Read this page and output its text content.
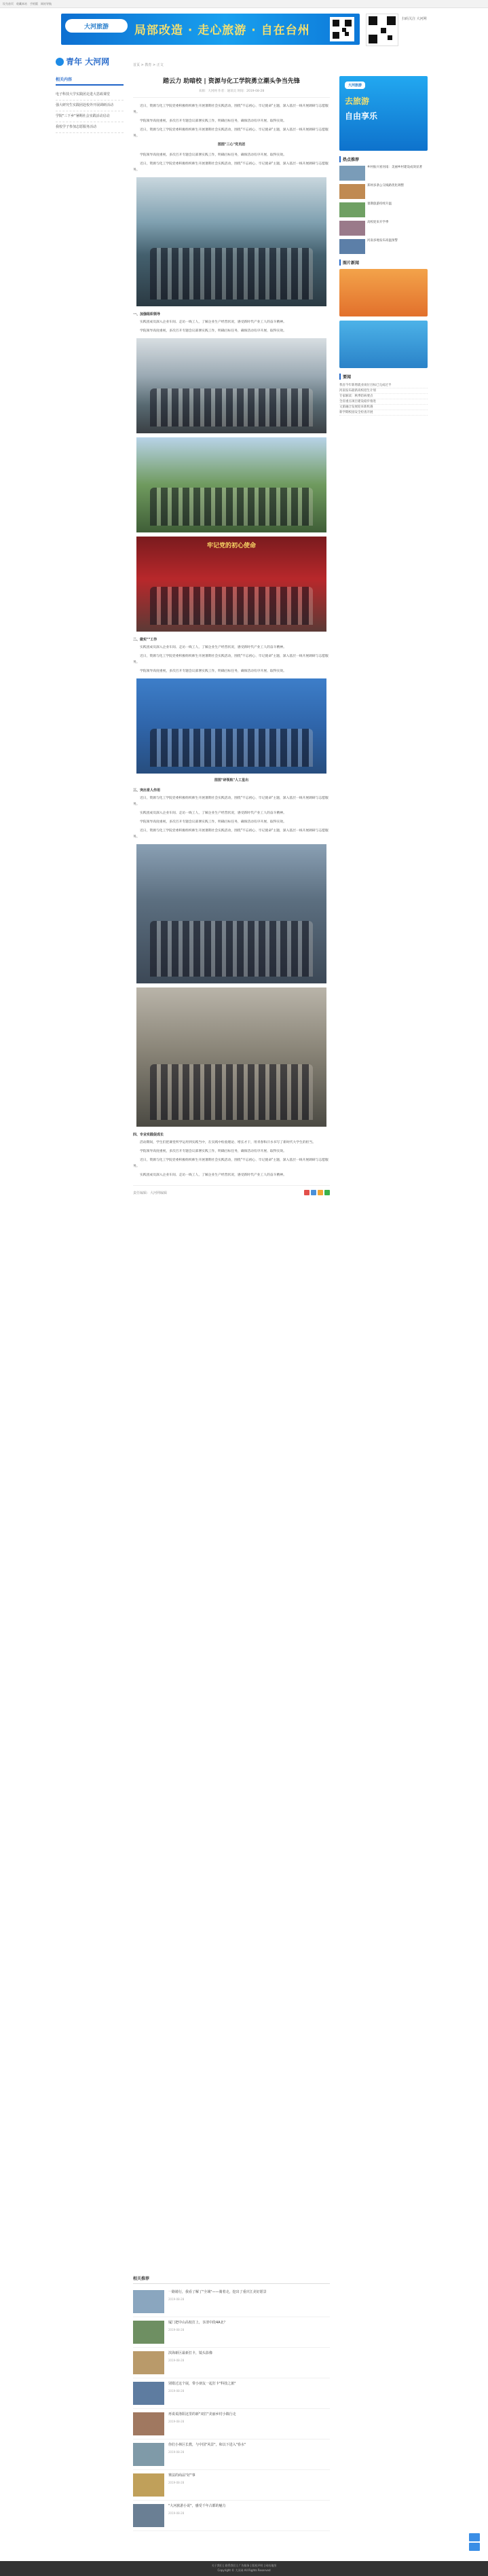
设为首页 收藏本站 手机版 网站导航
大河旅游	局部改造 · 走心旅游 · 自在台州
扫码关注 大河网
青年 大河网	首页 > 教育 > 正文
相关内容
电子科技大学实践团走进大思政课堂
强大研究生实践团赴校外开展调研活动
学院"三下乡"暑期社会实践活动启动
我校学子参加志愿服务活动
踏云力 助暗校 | 资源与化工学院勇立潮头争当先锋
来源：大河网 作者：通讯员 时间：2019-08-28

近日，资源与化工学院党委积极组织师生开展暑期社会实践活动，围绕"不忘初心、牢记使命"主题，深入基层一线开展调研与志愿服务。

学院领导高度重视，多次召开专题会议部署实践工作，明确目标任务，确保活动有序开展、取得实效。

近日，资源与化工学院党委积极组织师生开展暑期社会实践活动，围绕"不忘初心、牢记使命"主题，深入基层一线开展调研与志愿服务。

图图"三心"党员团

学院领导高度重视，多次召开专题会议部署实践工作，明确目标任务，确保活动有序开展、取得实效。

近日，资源与化工学院党委积极组织师生开展暑期社会实践活动，围绕"不忘初心、牢记使命"主题，深入基层一线开展调研与志愿服务。

一、加强组织领导

实践团成员深入企业车间、走访一线工人，了解企业生产经营状况，感受新时代产业工人的奋斗精神。

学院领导高度重视，多次召开专题会议部署实践工作，明确目标任务，确保活动有序开展、取得实效。

牢记党的初心使命
二、做实""工作

实践团成员深入企业车间、走访一线工人，了解企业生产经营状况，感受新时代产业工人的奋斗精神。

近日，资源与化工学院党委积极组织师生开展暑期社会实践活动，围绕"不忘初心、牢记使命"主题，深入基层一线开展调研与志愿服务。

学院领导高度重视，多次召开专题会议部署实践工作，明确目标任务，确保活动有序开展、取得实效。

图图"研领航"人工星出
三、突出育人作用

近日，资源与化工学院党委积极组织师生开展暑期社会实践活动，围绕"不忘初心、牢记使命"主题，深入基层一线开展调研与志愿服务。

实践团成员深入企业车间、走访一线工人，了解企业生产经营状况，感受新时代产业工人的奋斗精神。

学院领导高度重视，多次召开专题会议部署实践工作，明确目标任务，确保活动有序开展、取得实效。

近日，资源与化工学院党委积极组织师生开展暑期社会实践活动，围绕"不忘初心、牢记使命"主题，深入基层一线开展调研与志愿服务。

四、专业实践促成长

活动期间，学生们把课堂所学运用到实践当中，在实践中检验理论、增长才干，用青春和汗水书写了新时代大学生的担当。

学院领导高度重视，多次召开专题会议部署实践工作，明确目标任务，确保活动有序开展、取得实效。

近日，资源与化工学院党委积极组织师生开展暑期社会实践活动，围绕"不忘初心、牢记使命"主题，深入基层一线开展调研与志愿服务。

实践团成员深入企业车间、走访一线工人，了解企业生产经营状况，感受新时代产业工人的奋斗精神。

责任编辑：大河网编辑
大河旅游
去旅游
自由享乐
热点推荐
乡村振兴看河南：美丽乡村建设成效显著
郑州多条公交线路优化调整
暑期旅游持续升温
高校迎来开学季
河南多地发布高温预警
图片新闻
要闻
我省今年新增就业岗位目标已完成过半
河南发布最新高校招生计划
专家解读：秋季防病要点
全省重点项目建设稳步推进
文旅融合发展迎来新机遇
新学期校园安全检查开展
相关推荐
一路骑行，我看了解了"全域"——骑着走，挖出了重庆江美好愿景
2019-08-28
厦门把中山高校打上，享清中段4A北？
2019-08-28
滨海新区最新打卡，镜头影像
2019-08-28
别错过这个展，带小朋友一起打卡"科技之旅"
2019-08-28
再说说洛阳这里的新"双打"美丽乡村小镇行走
2019-08-28
你们小林区长教，与中国"风景"，和以下进入"春水"
2019-08-28
赛法的商品"好"事
2019-08-28
"大河旅游小说"，感受千年古都的魅力
2019-08-28
关于我们 | 联系我们 | 广告服务 | 版权声明 | 网站地图
Copyright © 大河网 All Rights Reserved
